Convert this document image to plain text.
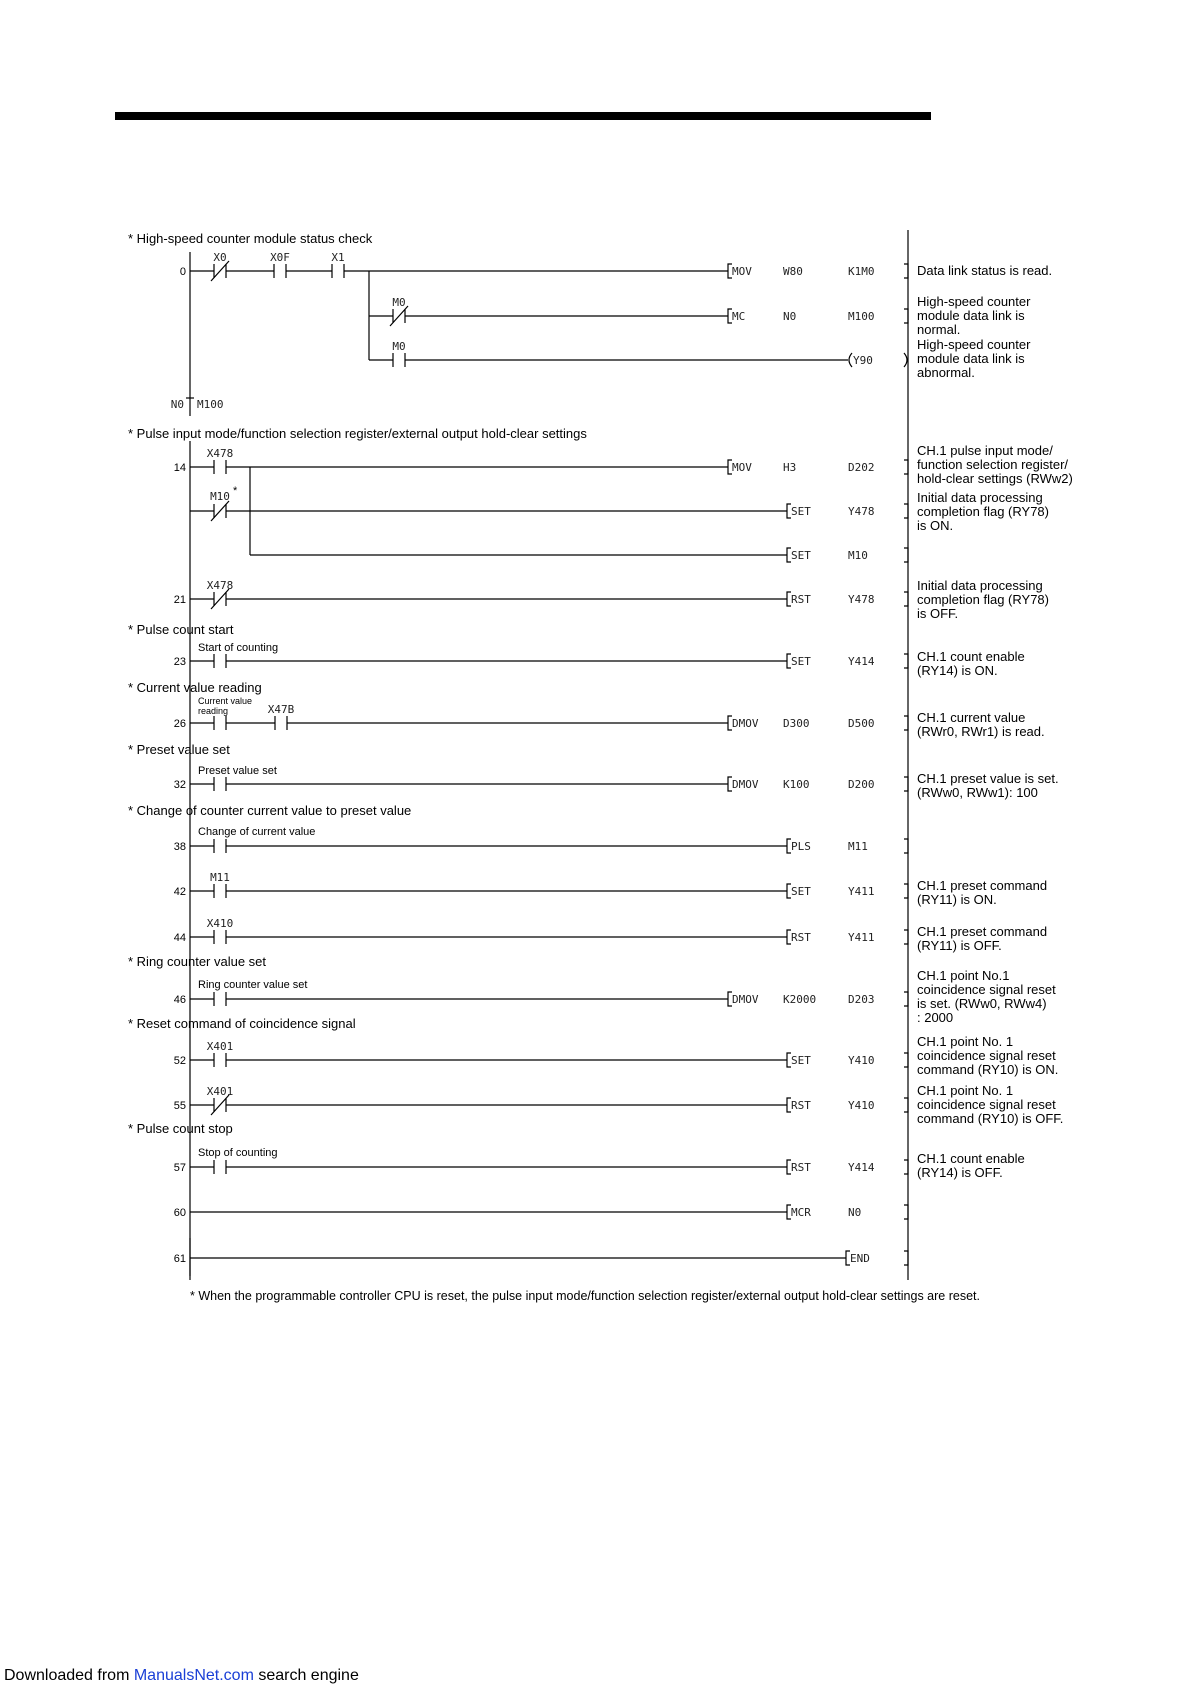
* High-speed counter module status check
* Pulse input mode/function selection register/external output hold-clear settings
* Pulse count start
* Current value reading
* Preset value set
* Change of counter current value to preset value
* Ring counter value set
* Reset command of coincidence signal
* Pulse count stop
0
X0	X0F	X1
MOV	W80	K1M0	Data link status is read.
M0
MC	N0	M100
High-speed counter
module data link is
normal.
M0
Y90
High-speed counter
module data link is
abnormal.
N0 M100
14
X478
MOV	H3	D202
CH.1 pulse input mode/
function selection register/
hold-clear settings (RWw2)
M10 *
SET	Y478
Initial data processing
completion flag (RY78)
is ON.
SET	M10
21
X478
RST	Y478
Initial data processing
completion flag (RY78)
is OFF.
23
Start of counting
SET	Y414	CH.1 count enable
(RY14) is ON.
26
Current value
reading	X47B
DMOV D300	D500	CH.1 current value
(RWr0, RWr1) is read.
32
Preset value set
DMOV K100	D200	CH.1 preset value is set.
(RWw0, RWw1): 100
38
Change of current value
PLS	M11
42
M11
SET	Y411	CH.1 preset command
(RY11) is ON.
44
X410
RST	Y411	CH.1 preset command
(RY11) is OFF.
46
Ring counter value set
DMOV K2000	D203
CH.1 point No.1
coincidence signal reset
is set. (RWw0, RWw4)
: 2000
52
X401
SET	Y410
CH.1 point No. 1
coincidence signal reset
command (RY10) is ON.
55
X401
RST	Y410
CH.1 point No. 1
coincidence signal reset
command (RY10) is OFF.
57
Stop of counting
RST	Y414
CH.1 count enable
(RY14) is OFF.
60	MCR	N0
61	END
* When the programmable controller CPU is reset, the pulse input mode/function selection register/external output hold-clear settings are reset.
Downloaded from ManualsNet.com search engine
